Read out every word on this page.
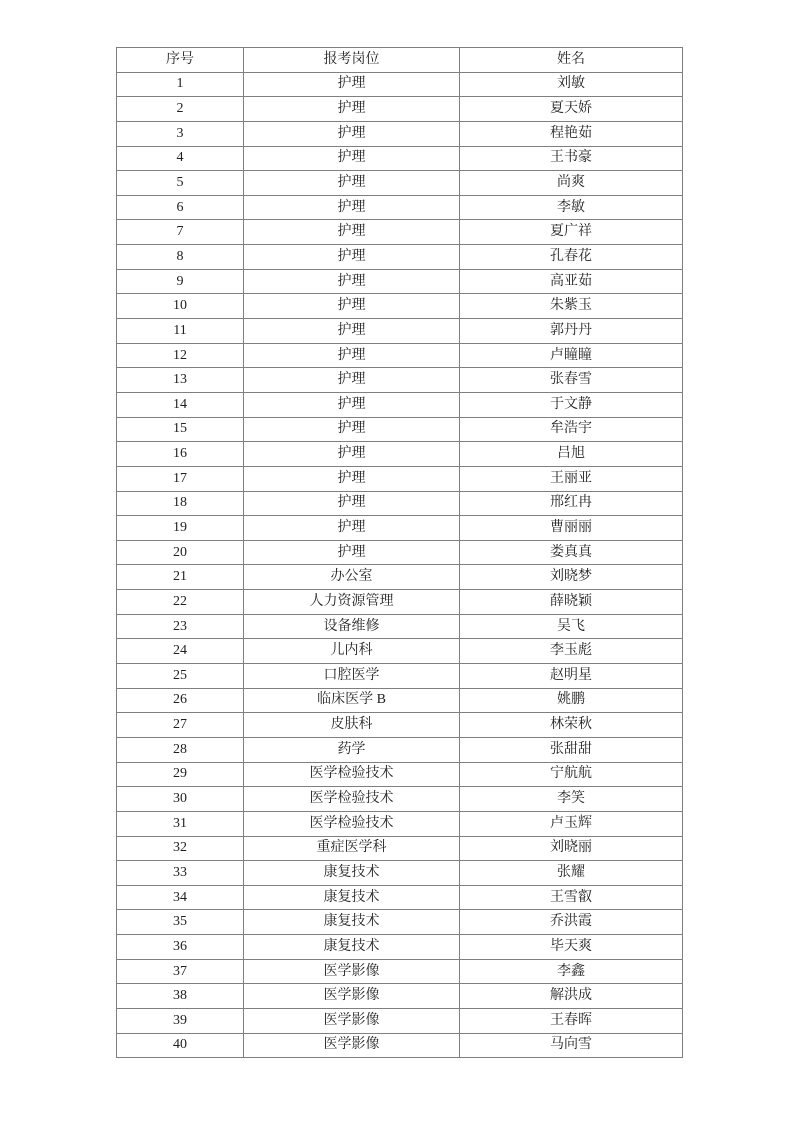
序号	报考岗位	姓名
1	护理	刘敏
2	护理	夏天娇
3	护理	程艳茹
4	护理	王书豪
5	护理	尚爽
6	护理	李敏
7	护理	夏广祥
8	护理	孔春花
9	护理	高亚茹
10	护理	朱紫玉
11	护理	郭丹丹
12	护理	卢瞳瞳
13	护理	张春雪
14	护理	于文静
15	护理	牟浩宇
16	护理	吕旭
17	护理	王丽亚
18	护理	邢红冉
19	护理	曹丽丽
20	护理	娄真真
21	办公室	刘晓梦
22	人力资源管理	薛晓颖
23	设备维修	吴飞
24	儿内科	李玉彪
25	口腔医学	赵明星
26	临床医学 B	姚鹏
27	皮肤科	林荣秋
28	药学	张甜甜
29	医学检验技术	宁航航
30	医学检验技术	李笑
31	医学检验技术	卢玉辉
32	重症医学科	刘晓丽
33	康复技术	张耀
34	康复技术	王雪叡
35	康复技术	乔洪霞
36	康复技术	毕天爽
37	医学影像	李鑫
38	医学影像	解洪成
39	医学影像	王春晖
40	医学影像	马向雪
